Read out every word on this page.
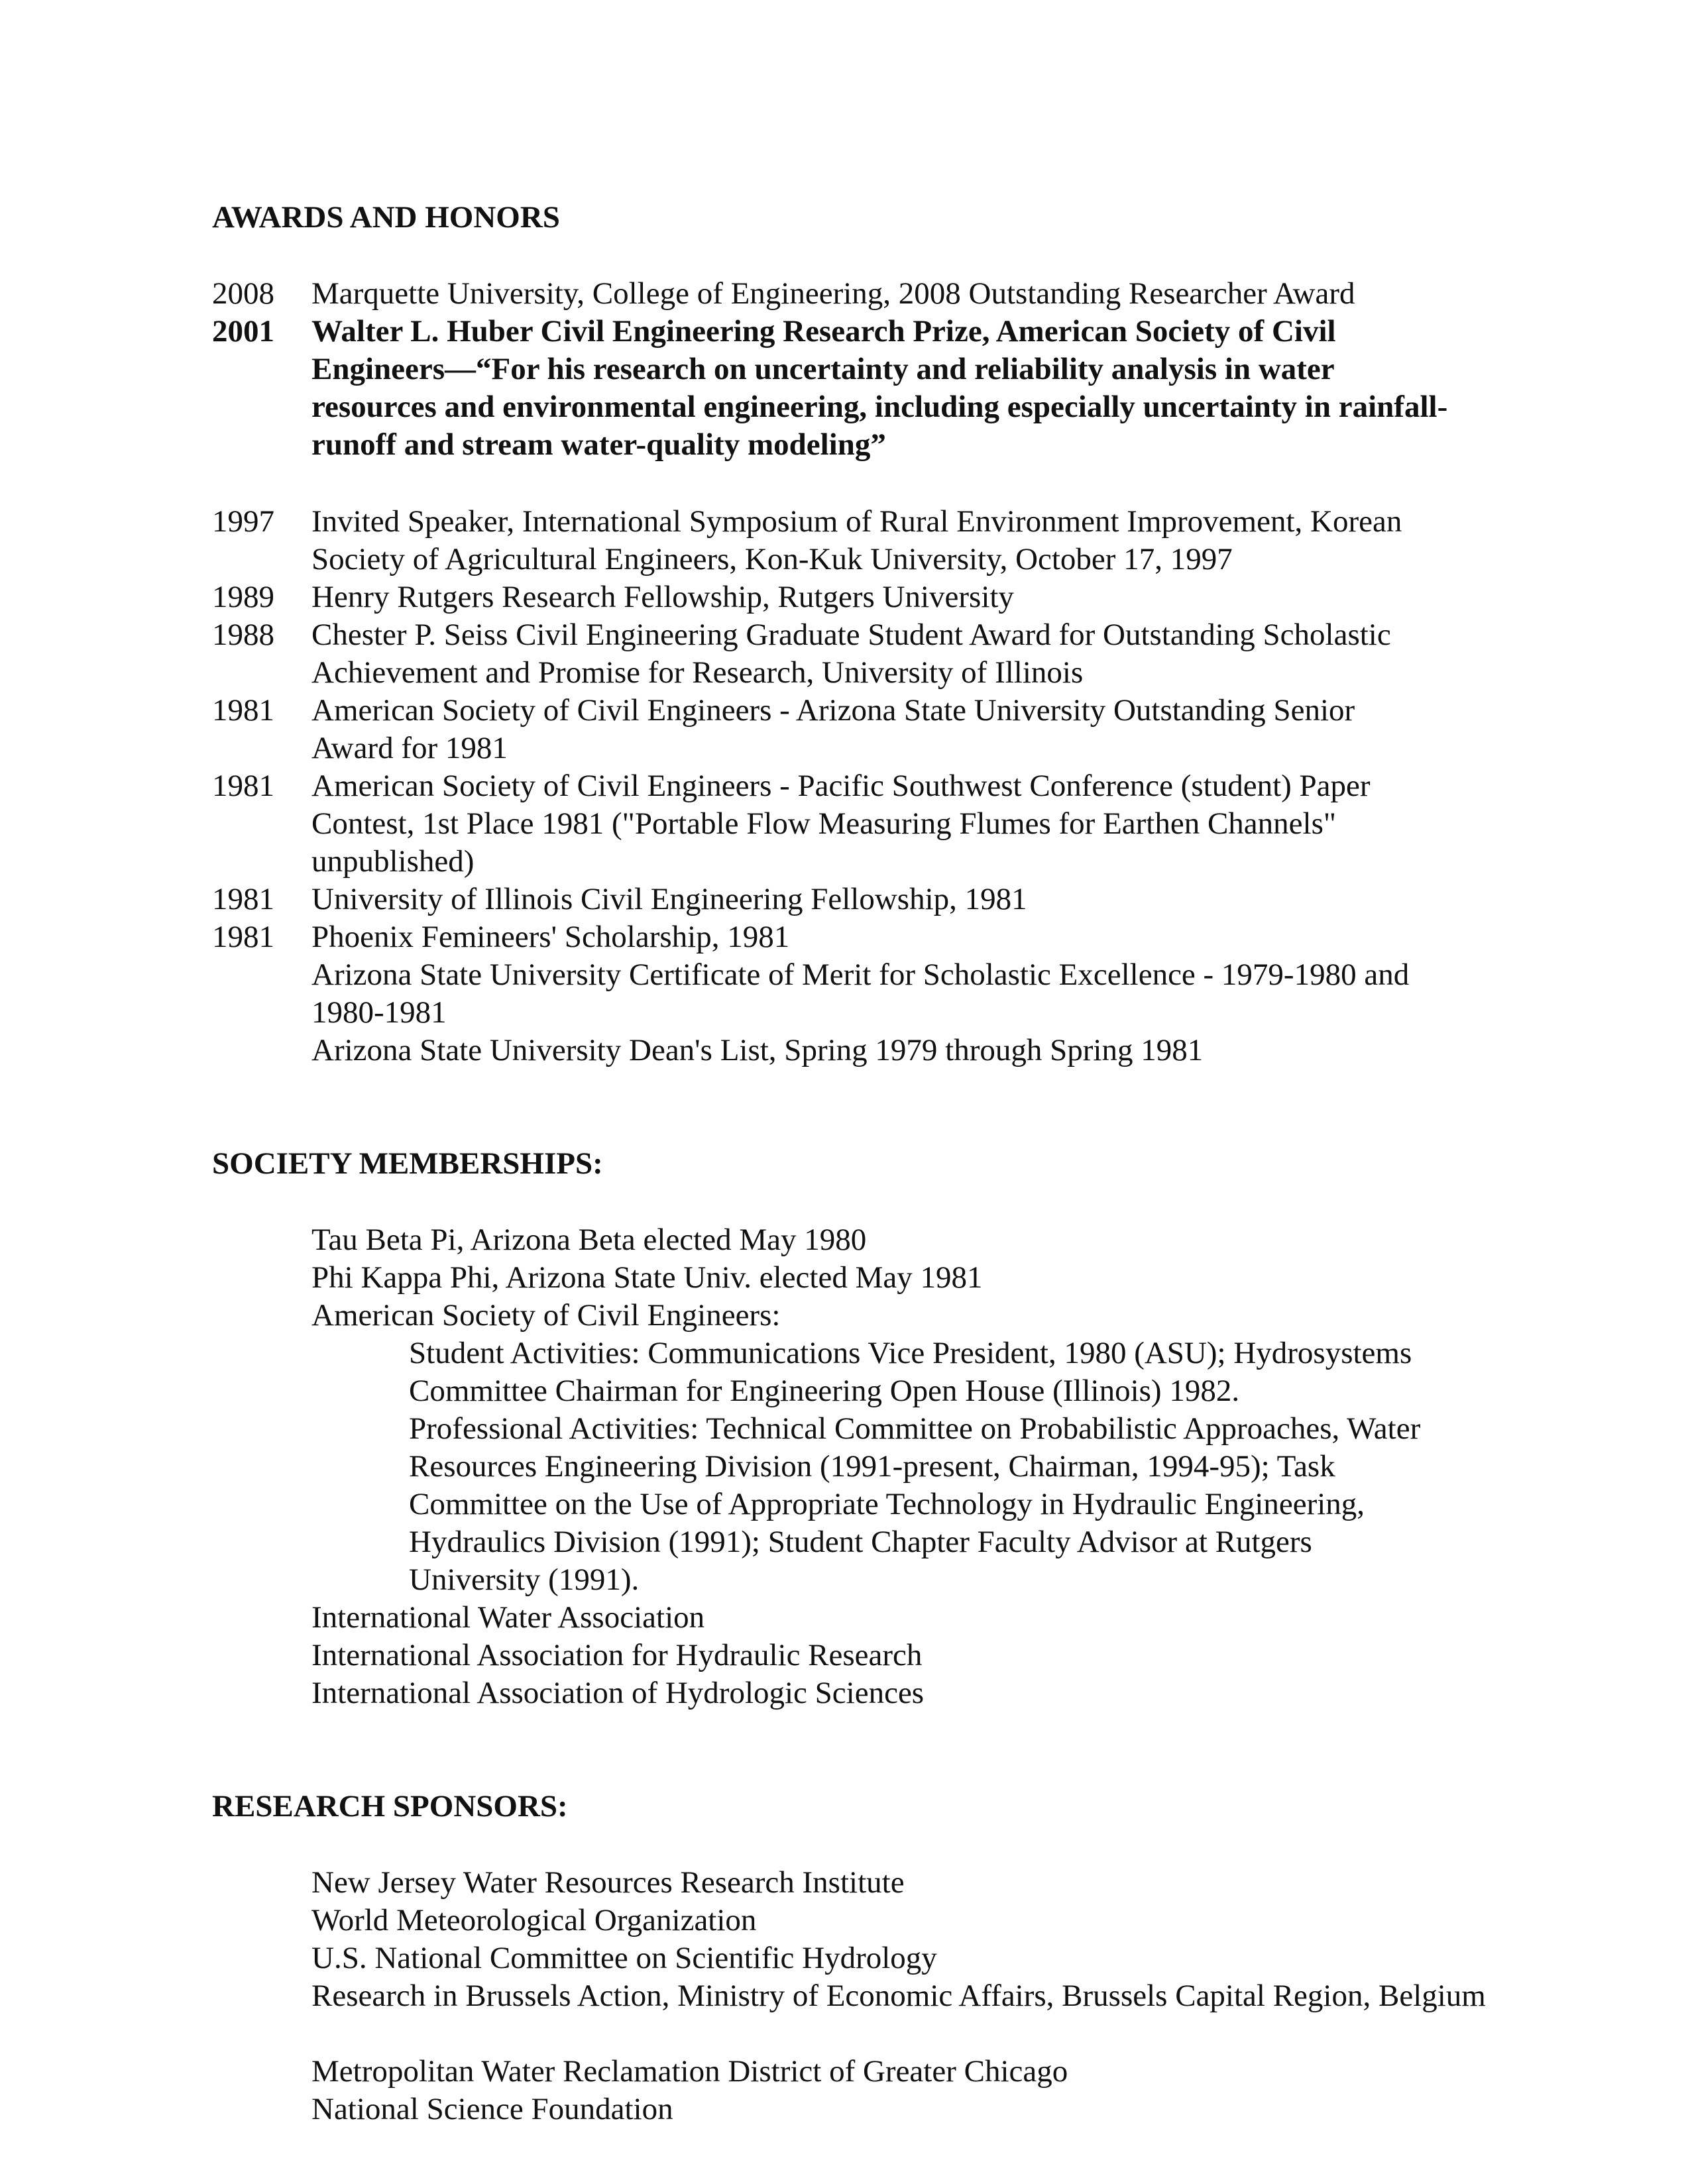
AWARDS AND HONORS
2008	Marquette University, College of Engineering, 2008 Outstanding Researcher Award
2001	Walter L. Huber Civil Engineering Research Prize, American Society of Civil Engineers—“For his research on uncertainty and reliability analysis in water resources and environmental engineering, including especially uncertainty in rainfall-runoff and stream water-quality modeling”
1997	Invited Speaker, International Symposium of Rural Environment Improvement, Korean Society of Agricultural Engineers, Kon-Kuk University, October 17, 1997
1989	Henry Rutgers Research Fellowship, Rutgers University
1988	Chester P. Seiss Civil Engineering Graduate Student Award for Outstanding Scholastic Achievement and Promise for Research, University of Illinois
1981	American Society of Civil Engineers - Arizona State University Outstanding Senior Award for 1981
1981	American Society of Civil Engineers - Pacific Southwest Conference (student) Paper Contest, 1st Place 1981 ("Portable Flow Measuring Flumes for Earthen Channels" unpublished)
1981	University of Illinois Civil Engineering Fellowship, 1981
1981	Phoenix Femineers' Scholarship, 1981
Arizona State University Certificate of Merit for Scholastic Excellence - 1979-1980 and 1980-1981
Arizona State University Dean's List, Spring 1979 through Spring 1981
SOCIETY MEMBERSHIPS:
Tau Beta Pi, Arizona Beta elected May 1980
Phi Kappa Phi, Arizona State Univ. elected May 1981
American Society of Civil Engineers:
Student Activities: Communications Vice President, 1980 (ASU); Hydrosystems Committee Chairman for Engineering Open House (Illinois) 1982.
Professional Activities: Technical Committee on Probabilistic Approaches, Water Resources Engineering Division (1991-present, Chairman, 1994-95); Task Committee on the Use of Appropriate Technology in Hydraulic Engineering, Hydraulics Division (1991); Student Chapter Faculty Advisor at Rutgers University (1991).
International Water Association
International Association for Hydraulic Research
International Association of Hydrologic Sciences
RESEARCH SPONSORS:
New Jersey Water Resources Research Institute
World Meteorological Organization
U.S. National Committee on Scientific Hydrology
Research in Brussels Action, Ministry of Economic Affairs, Brussels Capital Region, Belgium
Metropolitan Water Reclamation District of Greater Chicago
National Science Foundation
